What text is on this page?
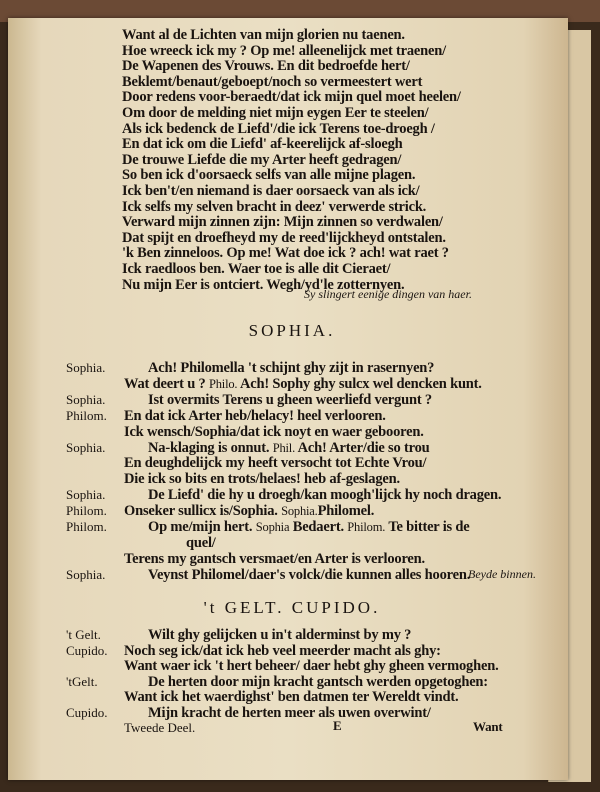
Want al de Lichten van mijn glorien nu taenen.
Hoe wreeck ick my ? Op me! alleenelijck met traenen/
De Wapenen des Vrouws. En dit bedroefde hert/
Beklemt/benaut/geboept/noch so vermeestert wert
Door redens voor-beraedt/dat ick mijn quel moet heelen/
Om door de melding niet mijn eygen Eer te steelen/
Als ick bedenck de Liefd'/die ick Terens toe-droegh /
En dat ick om die Liefd' af-keerelijck af-sloegh
De trouwe Liefde die my Arter heeft gedragen/
So ben ick d'oorsaeck selfs van alle mijne plagen.
Ick ben't/en niemand is daer oorsaeck van als ick/
Ick selfs my selven bracht in deez' verwerde strick.
Verward mijn zinnen zijn: Mijn zinnen so verdwalen/
Dat spijt en droefheyd my de reed'lijckheyd ontstalen.
'k Ben zinneloos. Op me! Wat doe ick ? ach! wat raet ?
Ick raedloos ben. Waer toe is alle dit Cieraet/
Nu mijn Eer is ontciert. Wegh/yd'le zotternyen.
Sy slingert eenige dingen van haer.
SOPHIA.
Sophia.	Ach! Philomella 't schijnt ghy zijt in rasernyen?
Wat deert u ? Philo. Ach! Sophy ghy sulcx wel dencken kunt.
Sophia.	Ist overmits Terens u gheen weerliefd vergunt ?
Philom. En dat ick Arter heb/helacy! heel verlooren.
Ick wensch/Sophia/dat ick noyt en waer gebooren.
Sophia.	Na-klaging is onnut. Phil. Ach! Arter/die so trou
En deughdelijck my heeft versocht tot Echte Vrou/
Die ick so bits en trots/helaes! heb af-geslagen.
Sophia.	De Liefd' die hy u droegh/kan moogh'lijck hy noch dragen.
Philom. Onseker sullicx is/Sophia. Sophia.Philomel.
Philom.	Op me/mijn hert. Sophia Bedaert. Philom. Te bitter is de
quel/
Terens my gantsch versmaet/en Arter is verlooren.
Sophia.	Veynst Philomel/daer's volck/die kunnen alles hooren.
Beyde binnen.
't GELT. CUPIDO.
't Gelt.	Wilt ghy gelijcken u in't alderminst by my ?
Cupido. Noch seg ick/dat ick heb veel meerder macht als ghy:
Want waer ick 't hert beheer/ daer hebt ghy gheen vermoghen.
'tGelt.	De herten door mijn kracht gantsch werden opgetoghen:
Want ick het waerdighst' ben datmen ter Wereldt vindt.
Cupido.	Mijn kracht de herten meer als uwen overwint/
Tweede Deel.	E	Want
